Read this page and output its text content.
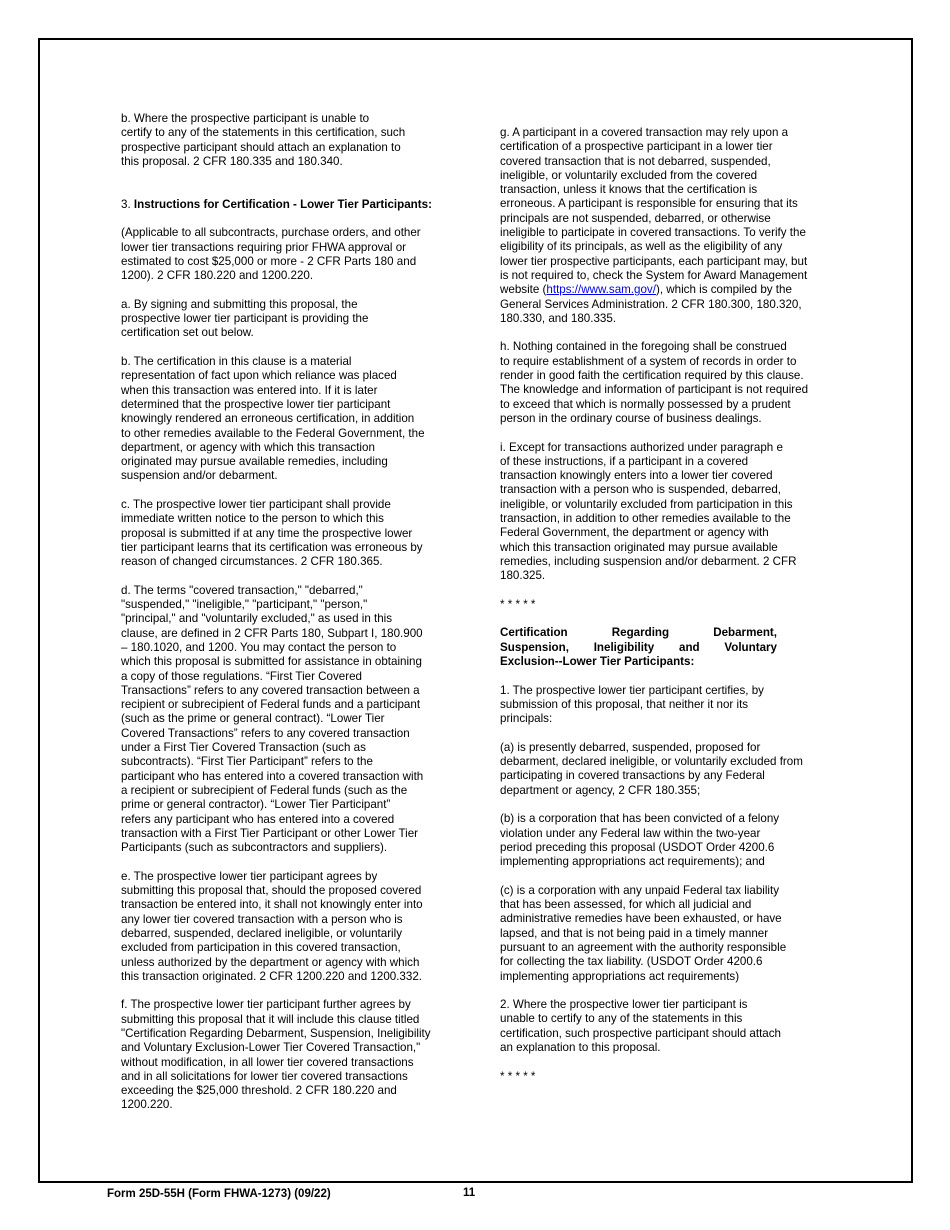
b. Where the prospective participant is unable to
certify to any of the statements in this certification, such
prospective participant should attach an explanation to
this proposal. 2 CFR 180.335 and 180.340.

3. Instructions for Certification - Lower Tier Participants:

(Applicable to all subcontracts, purchase orders, and other
lower tier transactions requiring prior FHWA approval or
estimated to cost $25,000 or more - 2 CFR Parts 180 and
1200). 2 CFR 180.220 and 1200.220.

a. By signing and submitting this proposal, the
prospective lower tier participant is providing the
certification set out below.

b. The certification in this clause is a material
representation of fact upon which reliance was placed
when this transaction was entered into. If it is later
determined that the prospective lower tier participant
knowingly rendered an erroneous certification, in addition
to other remedies available to the Federal Government, the
department, or agency with which this transaction
originated may pursue available remedies, including
suspension and/or debarment.

c. The prospective lower tier participant shall provide
immediate written notice to the person to which this
proposal is submitted if at any time the prospective lower
tier participant learns that its certification was erroneous by
reason of changed circumstances. 2 CFR 180.365.

d. The terms "covered transaction," "debarred,"
"suspended," "ineligible," "participant," "person,"
"principal," and "voluntarily excluded," as used in this
clause, are defined in 2 CFR Parts 180, Subpart I, 180.900
– 180.1020, and 1200. You may contact the person to
which this proposal is submitted for assistance in obtaining
a copy of those regulations. “First Tier Covered
Transactions” refers to any covered transaction between a
recipient or subrecipient of Federal funds and a participant
(such as the prime or general contract). “Lower Tier
Covered Transactions” refers to any covered transaction
under a First Tier Covered Transaction (such as
subcontracts). “First Tier Participant” refers to the
participant who has entered into a covered transaction with
a recipient or subrecipient of Federal funds (such as the
prime or general contractor). “Lower Tier Participant”
refers any participant who has entered into a covered
transaction with a First Tier Participant or other Lower Tier
Participants (such as subcontractors and suppliers).

e. The prospective lower tier participant agrees by
submitting this proposal that, should the proposed covered
transaction be entered into, it shall not knowingly enter into
any lower tier covered transaction with a person who is
debarred, suspended, declared ineligible, or voluntarily
excluded from participation in this covered transaction,
unless authorized by the department or agency with which
this transaction originated. 2 CFR 1200.220 and 1200.332.

f. The prospective lower tier participant further agrees by
submitting this proposal that it will include this clause titled
"Certification Regarding Debarment, Suspension, Ineligibility
and Voluntary Exclusion-Lower Tier Covered Transaction,"
without modification, in all lower tier covered transactions
and in all solicitations for lower tier covered transactions
exceeding the $25,000 threshold. 2 CFR 180.220 and
1200.220.

g. A participant in a covered transaction may rely upon a
certification of a prospective participant in a lower tier
covered transaction that is not debarred, suspended,
ineligible, or voluntarily excluded from the covered
transaction, unless it knows that the certification is
erroneous. A participant is responsible for ensuring that its
principals are not suspended, debarred, or otherwise
ineligible to participate in covered transactions. To verify the
eligibility of its principals, as well as the eligibility of any
lower tier prospective participants, each participant may, but
is not required to, check the System for Award Management
website (https://www.sam.gov/), which is compiled by the
General Services Administration. 2 CFR 180.300, 180.320,
180.330, and 180.335.

h. Nothing contained in the foregoing shall be construed
to require establishment of a system of records in order to
render in good faith the certification required by this clause.
The knowledge and information of participant is not required
to exceed that which is normally possessed by a prudent
person in the ordinary course of business dealings.

i. Except for transactions authorized under paragraph e
of these instructions, if a participant in a covered
transaction knowingly enters into a lower tier covered
transaction with a person who is suspended, debarred,
ineligible, or voluntarily excluded from participation in this
transaction, in addition to other remedies available to the
Federal Government, the department or agency with
which this transaction originated may pursue available
remedies, including suspension and/or debarment. 2 CFR
180.325.

* * * * *

Certification Regarding Debarment,

Suspension, Ineligibility and Voluntary

Exclusion--Lower Tier Participants:

1. The prospective lower tier participant certifies, by
submission of this proposal, that neither it nor its
principals:

(a) is presently debarred, suspended, proposed for
debarment, declared ineligible, or voluntarily excluded from
participating in covered transactions by any Federal
department or agency, 2 CFR 180.355;

(b) is a corporation that has been convicted of a felony
violation under any Federal law within the two-year
period preceding this proposal (USDOT Order 4200.6
implementing appropriations act requirements); and

(c) is a corporation with any unpaid Federal tax liability
that has been assessed, for which all judicial and
administrative remedies have been exhausted, or have
lapsed, and that is not being paid in a timely manner
pursuant to an agreement with the authority responsible
for collecting the tax liability. (USDOT Order 4200.6
implementing appropriations act requirements)

2. Where the prospective lower tier participant is
unable to certify to any of the statements in this
certification, such prospective participant should attach
an explanation to this proposal.

* * * * *

Form 25D-55H (Form FHWA-1273) (09/22)	11
